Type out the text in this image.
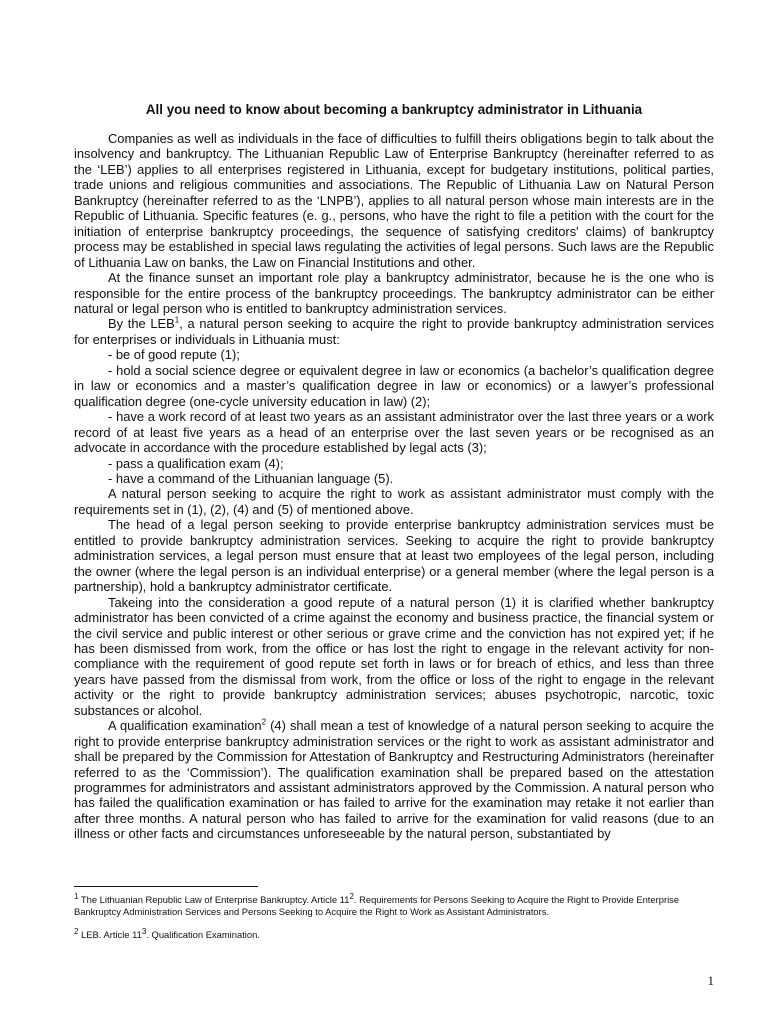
All you need to know about becoming a bankruptcy administrator in Lithuania

Companies as well as individuals in the face of difficulties to fulfill theirs obligations begin to talk about the insolvency and bankruptcy. The Lithuanian Republic Law of Enterprise Bankruptcy (hereinafter referred to as the ‘LEB’) applies to all enterprises registered in Lithuania, except for budgetary institutions, political parties, trade unions and religious communities and associations. The Republic of Lithuania Law on Natural Person Bankruptcy (hereinafter referred to as the ‘LNPB’), applies to all natural person whose main interests are in the Republic of Lithuania. Specific features (e. g., persons, who have the right to file a petition with the court for the initiation of enterprise bankruptcy proceedings, the sequence of satisfying creditors' claims) of bankruptcy process may be established in special laws regulating the activities of legal persons. Such laws are the Republic of Lithuania Law on banks, the Law on Financial Institutions and other.

At the finance sunset an important role play a bankruptcy administrator, because he is the one who is responsible for the entire process of the bankruptcy proceedings. The bankruptcy administrator can be either natural or legal person who is entitled to bankruptcy administration services.

By the LEB$^1$, a natural person seeking to acquire the right to provide bankruptcy administration services for enterprises or individuals in Lithuania must:

- be of good repute (1);

- hold a social science degree or equivalent degree in law or economics (a bachelor’s qualification degree in law or economics and a master’s qualification degree in law or economics) or a lawyer’s professional qualification degree (one-cycle university education in law) (2);

- have a work record of at least two years as an assistant administrator over the last three years or a work record of at least five years as a head of an enterprise over the last seven years or be recognised as an advocate in accordance with the procedure established by legal acts (3);

- pass a qualification exam (4);

- have a command of the Lithuanian language (5).

A natural person seeking to acquire the right to work as assistant administrator must comply with the requirements set in (1), (2), (4) and (5) of mentioned above.

The head of a legal person seeking to provide enterprise bankruptcy administration services must be entitled to provide bankruptcy administration services. Seeking to acquire the right to provide bankruptcy administration services, a legal person must ensure that at least two employees of the legal person, including the owner (where the legal person is an individual enterprise) or a general member (where the legal person is a partnership), hold a bankruptcy administrator certificate.

Takeing into the consideration a good repute of a natural person (1) it is clarified whether bankruptcy administrator has been convicted of a crime against the economy and business practice, the financial system or the civil service and public interest or other serious or grave crime and the conviction has not expired yet; if he has been dismissed from work, from the office or has lost the right to engage in the relevant activity for non-compliance with the requirement of good repute set forth in laws or for breach of ethics, and less than three years have passed from the dismissal from work, from the office or loss of the right to engage in the relevant activity or the right to provide bankruptcy administration services; abuses psychotropic, narcotic, toxic substances or alcohol.

A qualification examination$^2$ (4) shall mean a test of knowledge of a natural person seeking to acquire the right to provide enterprise bankruptcy administration services or the right to work as assistant administrator and shall be prepared by the Commission for Attestation of Bankruptcy and Restructuring Administrators (hereinafter referred to as the ‘Commission’). The qualification examination shall be prepared based on the attestation programmes for administrators and assistant administrators approved by the Commission. A natural person who has failed the qualification examination or has failed to arrive for the examination may retake it not earlier than after three months. A natural person who has failed to arrive for the examination for valid reasons (due to an illness or other facts and circumstances unforeseeable by the natural person, substantiated by

$^1$ The Lithuanian Republic Law of Enterprise Bankruptcy. Article $11^2$. Requirements for Persons Seeking to Acquire the Right to Provide Enterprise Bankruptcy Administration Services and Persons Seeking to Acquire the Right to Work as Assistant Administrators.

$^2$ LEB. Article $11^3$. Qualification Examination.

1
